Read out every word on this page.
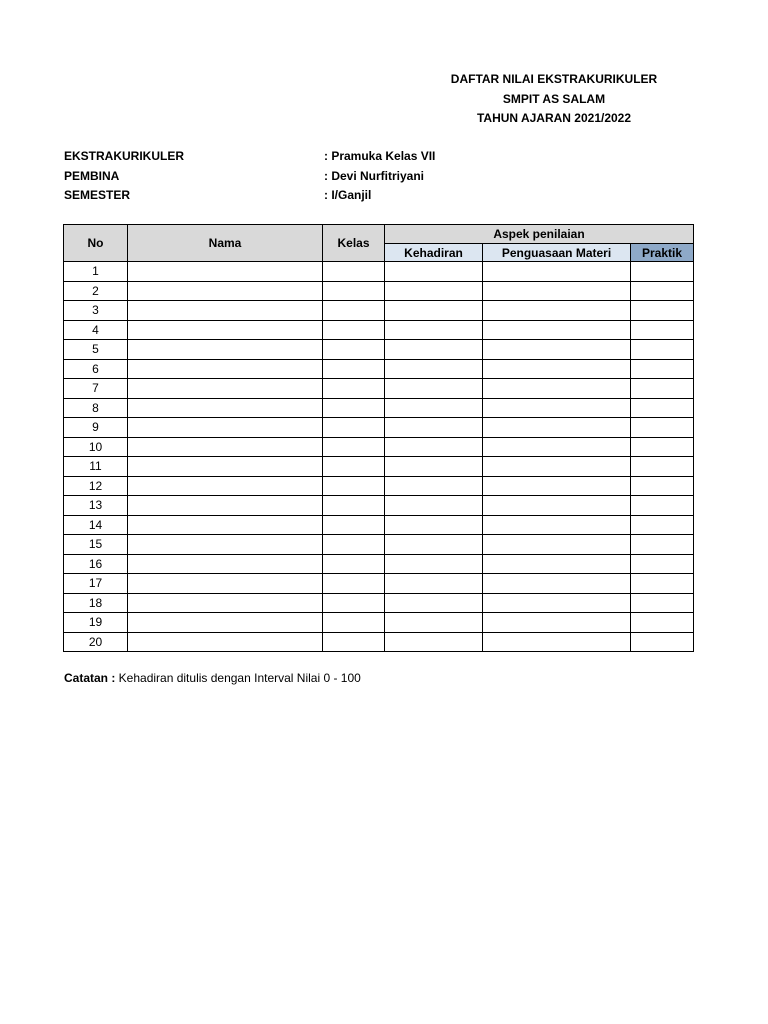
DAFTAR NILAI EKSTRAKURIKULER
SMPIT AS SALAM
TAHUN AJARAN 2021/2022
EKSTRAKURIKULER	: Pramuka Kelas VII
PEMBINA	: Devi Nurfitriyani
SEMESTER	: I/Ganjil
No	Nama	Kelas	Aspek penilaian		
			Kehadiran	Penguasaan Materi	Praktik
1					
2					
3					
4					
5					
6					
7					
8					
9					
10					
11					
12					
13					
14					
15					
16					
17					
18					
19					
20					
Catatan : Kehadiran ditulis dengan Interval Nilai 0 - 100
